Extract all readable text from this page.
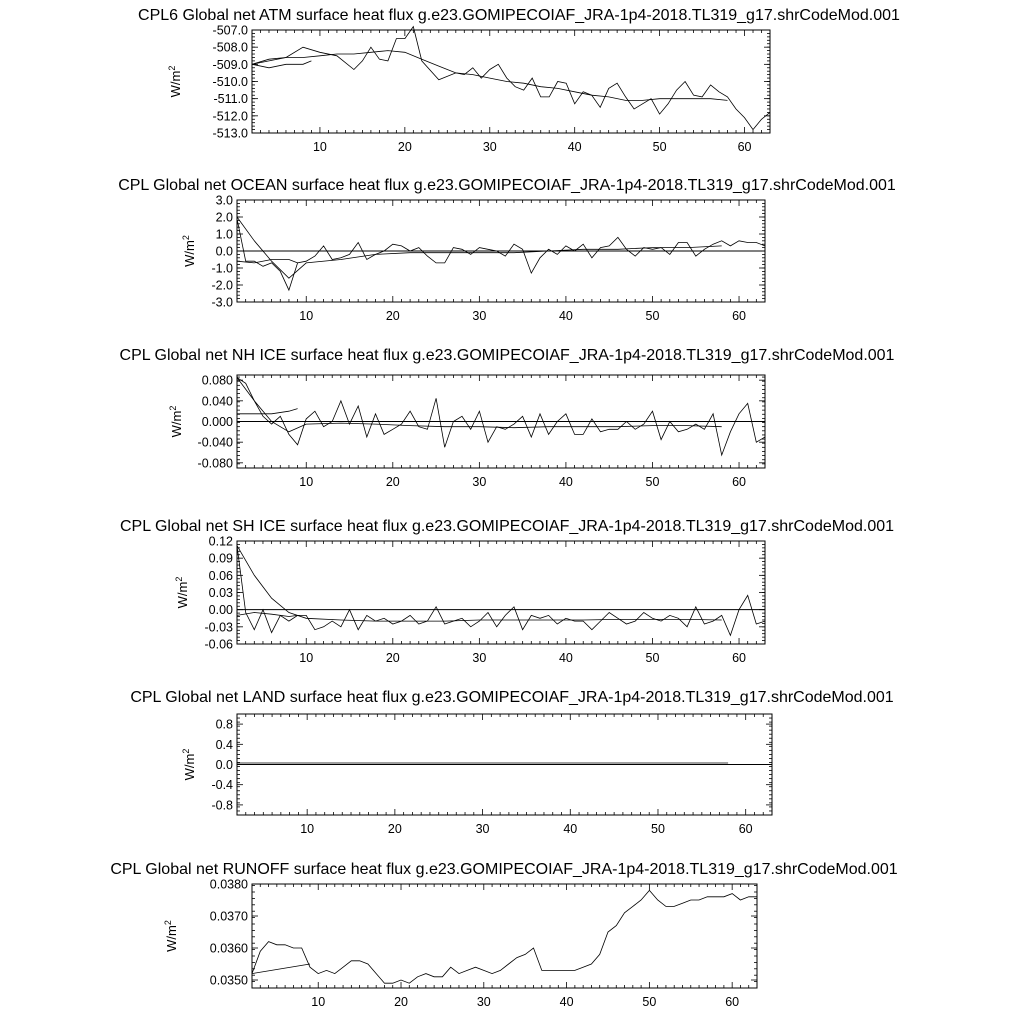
CPL6 Global net ATM surface heat flux g.e23.GOMIPECOIAF_JRA-1p4-2018.TL319_g17.shrCodeMod.001
10	20	30	40	50	60
-507.0
-508.0
-509.0
-510.0
-511.0
-512.0
-513.0
$W/m^2$
CPL Global net OCEAN surface heat flux g.e23.GOMIPECOIAF_JRA-1p4-2018.TL319_g17.shrCodeMod.001
10	20	30	40	50	60
3.0
2.0
1.0
0.0
-1.0
-2.0
-3.0
$W/m^2$
CPL Global net NH ICE surface heat flux g.e23.GOMIPECOIAF_JRA-1p4-2018.TL319_g17.shrCodeMod.001
10	20	30	40	50	60
0.080
0.040
0.000
-0.040
-0.080
$W/m^2$
CPL Global net SH ICE surface heat flux g.e23.GOMIPECOIAF_JRA-1p4-2018.TL319_g17.shrCodeMod.001
10	20	30	40	50	60
0.12
0.09
0.06
0.03
0.00
-0.03
-0.06
$W/m^2$
CPL Global net LAND surface heat flux g.e23.GOMIPECOIAF_JRA-1p4-2018.TL319_g17.shrCodeMod.001
10	20	30	40	50	60
0.8
0.4
0.0
-0.4
-0.8
$W/m^2$
CPL Global net RUNOFF surface heat flux g.e23.GOMIPECOIAF_JRA-1p4-2018.TL319_g17.shrCodeMod.001
10	20	30	40	50	60
0.0380
0.0370
0.0360
0.0350
$W/m^2$
